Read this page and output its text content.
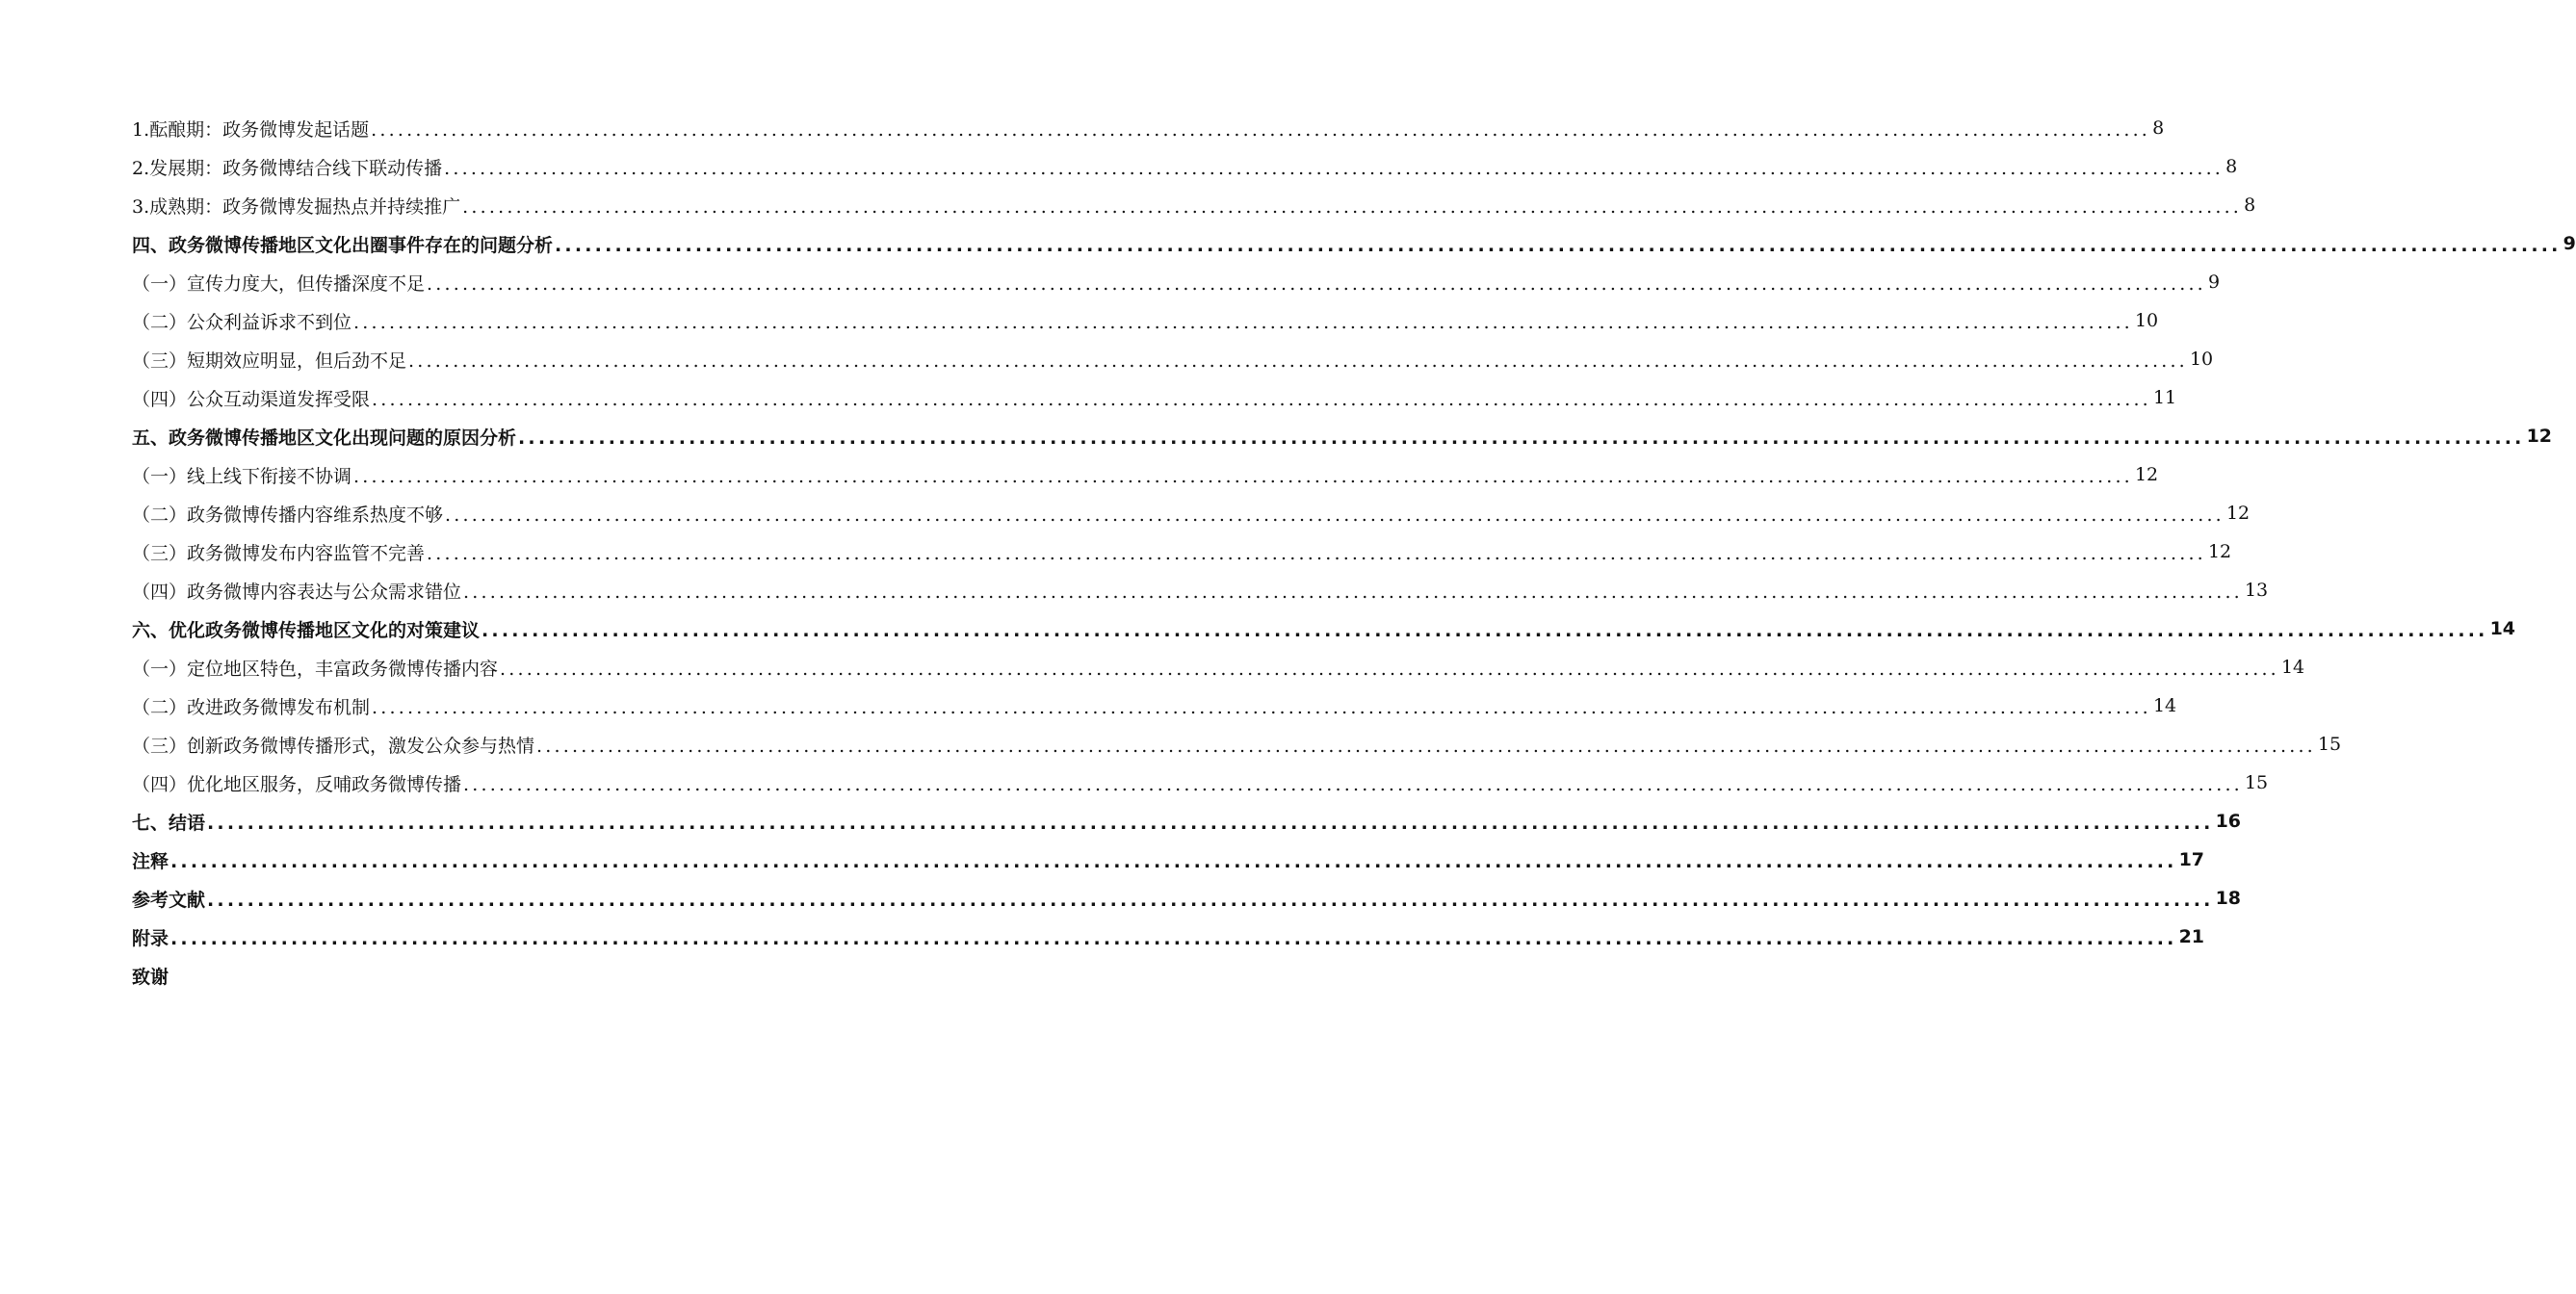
1.酝酿期：政务微博发起话题 ........................................................................................................................................................................................................ 8
2.发展期：政务微博结合线下联动传播 ........................................................................................................................................................................................................ 8
3.成熟期：政务微博发掘热点并持续推广 ........................................................................................................................................................................................................ 8
四、政务微博传播地区文化出圈事件存在的问题分析 ........................................................................................................................................................................................................ 9
（一）宣传力度大，但传播深度不足 ........................................................................................................................................................................................................ 9
（二）公众利益诉求不到位 ........................................................................................................................................................................................................ 10
（三）短期效应明显，但后劲不足 ........................................................................................................................................................................................................ 10
（四）公众互动渠道发挥受限 ........................................................................................................................................................................................................ 11
五、政务微博传播地区文化出现问题的原因分析 ........................................................................................................................................................................................................ 12
（一）线上线下衔接不协调 ........................................................................................................................................................................................................ 12
（二）政务微博传播内容维系热度不够 ........................................................................................................................................................................................................ 12
（三）政务微博发布内容监管不完善 ........................................................................................................................................................................................................ 12
（四）政务微博内容表达与公众需求错位 ........................................................................................................................................................................................................ 13
六、优化政务微博传播地区文化的对策建议 ........................................................................................................................................................................................................ 14
（一）定位地区特色，丰富政务微博传播内容 ........................................................................................................................................................................................................ 14
（二）改进政务微博发布机制 ........................................................................................................................................................................................................ 14
（三）创新政务微博传播形式，激发公众参与热情 ........................................................................................................................................................................................................ 15
（四）优化地区服务，反哺政务微博传播 ........................................................................................................................................................................................................ 15
七、结语 ........................................................................................................................................................................................................ 16
注释 ........................................................................................................................................................................................................ 17
参考文献 ........................................................................................................................................................................................................ 18
附录 ........................................................................................................................................................................................................ 21
致谢
